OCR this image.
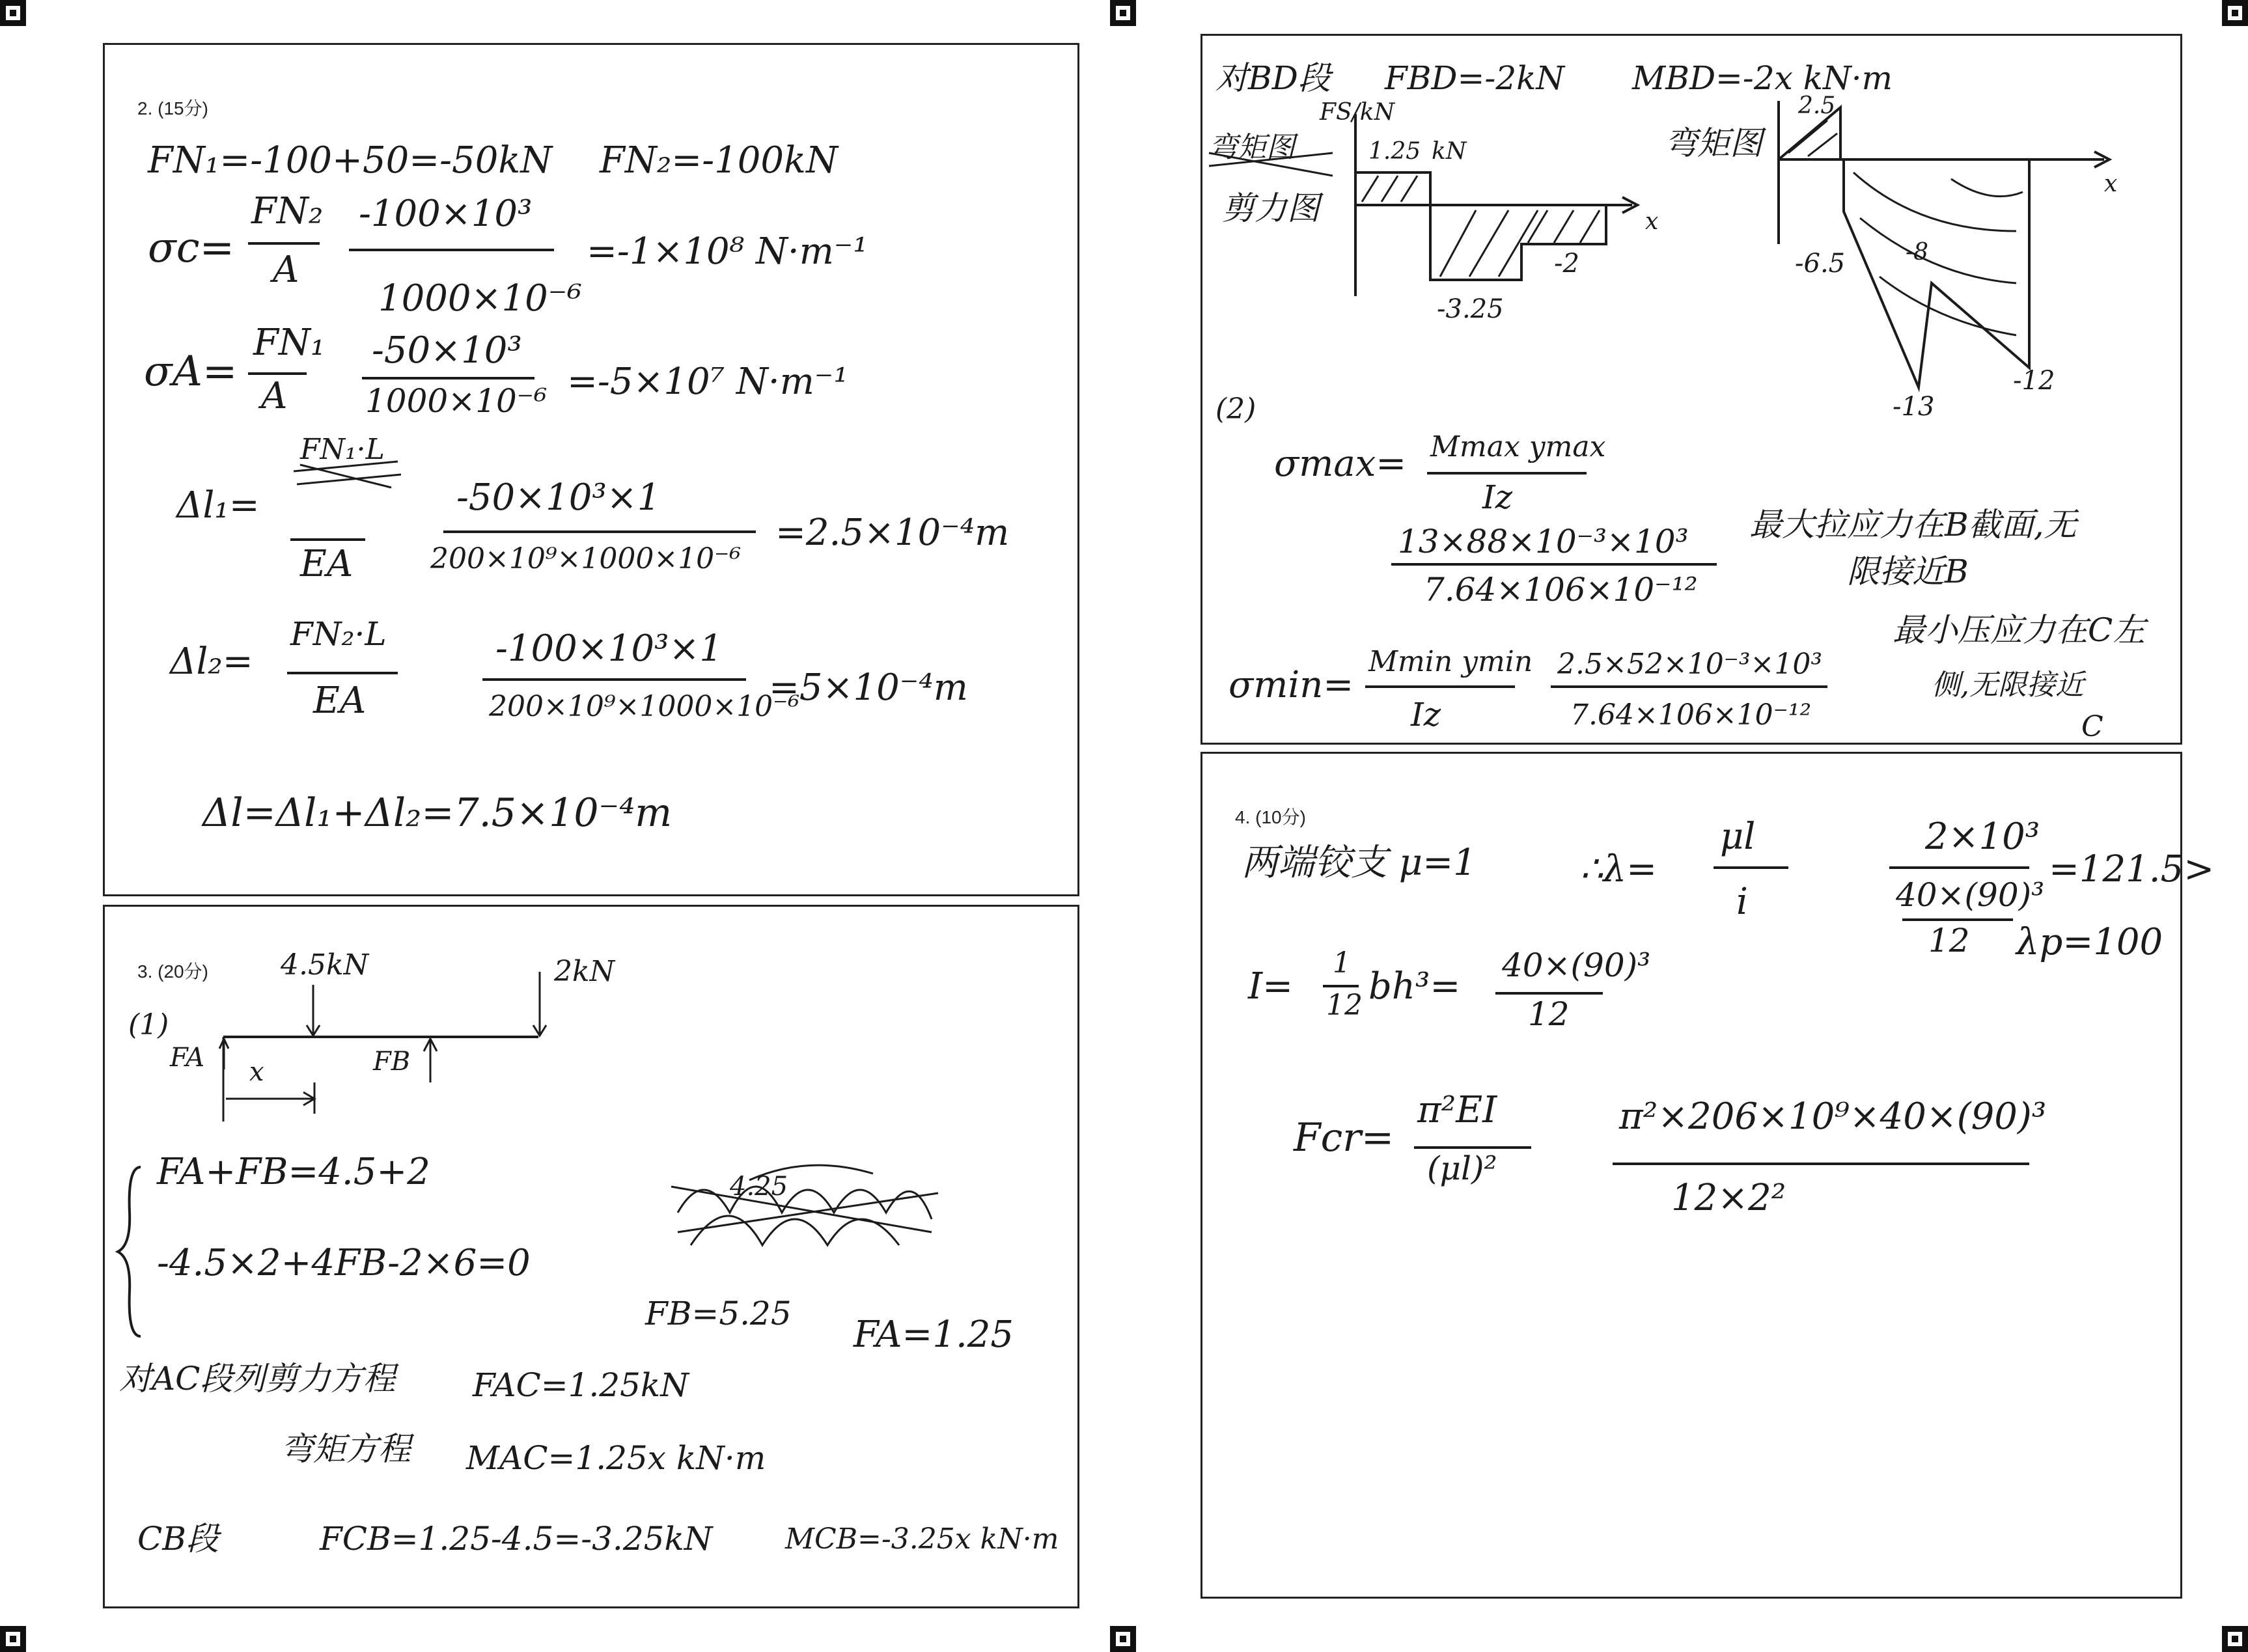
2. (15分)
FN₁=-100+50=-50kN FN₂=-100kN
σc=
FN₂
A
-100×10³
1000×10⁻⁶
=-1×10⁸ N·m⁻¹
σA=
FN₁
A
-50×10³
1000×10⁻⁶ =-5×10⁷ N·m⁻¹
FN₁·L
Δl₁=
EA
-50×10³×1
200×10⁹×1000×10⁻⁶
=2.5×10⁻⁴m
Δl₂=
FN₂·L
EA
-100×10³×1
200×10⁹×1000×10⁻⁶
=5×10⁻⁴m
Δl=Δl₁+Δl₂=7.5×10⁻⁴m
3. (20分)	4.5kN	2kN
(1)
FA x	FB
FA+FB=4.5+2
-4.5×2+4FB-2×6=0
4.25
FB=5.25 FA=1.25
对AC段列剪力方程 FAC=1.25kN
弯矩方程 MAC=1.25x kN·m
CB段	FCB=1.25-4.5=-3.25kN	MCB=-3.25x kN·m
对BD段 FBD=-2kN MBD=-2x kN·m
FS/kN
弯矩图	1.25 kN
剪力图
-3.25
-2
x
弯矩图
2.5
-6.5	-8
-12
-13
x
(2)
σmax= Mmax ymax
Iz
13×88×10⁻³×10³
7.64×106×10⁻¹²
最大拉应力在B截面,无
限接近B
σmin=
Mmin ymin
Iz
2.5×52×10⁻³×10³
7.64×106×10⁻¹²
最小压应力在C左
侧,无限接近
C
4. (10分)
两端铰支 μ=1	∴λ=
μl
i
2×10³
40×(90)³
12
=121.5>
λp=100
I=
1
12 bh³= 40×(90)³
12
Fcr=
π²EI
(μl)²
π²×206×10⁹×40×(90)³
12×2²
